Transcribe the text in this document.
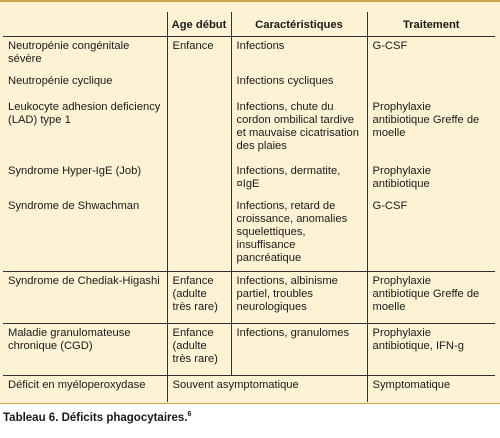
	Age début	Caractéristiques	Traitement
Neutropénie congénitale sévère	Enfance	Infections	G-CSF
Neutropénie cyclique		Infections cycliques	
Leukocyte adhesion deficiency (LAD) type 1		Infections, chute du cordon ombilical tardive et mauvaise cicatrisation des plaies	Prophylaxie antibiotique Greffe de moelle
Syndrome Hyper-IgE (Job)		Infections, dermatite, ¤IgE	Prophylaxie antibiotique
Syndrome de Shwachman		Infections, retard de croissance, anomalies squelettiques, insuffisance pancréatique	G-CSF
Syndrome de Chediak-Higashi	Enfance (adulte très rare)	Infections, albinisme partiel, troubles neurologiques	Prophylaxie antibiotique Greffe de moelle
Maladie granulomateuse chronique (CGD)	Enfance (adulte très rare)	Infections, granulomes	Prophylaxie antibiotique, IFN-g
Déficit en myéloperoxydase	Souvent asymptomatique		Symptomatique
Tableau 6. Déficits phagocytaires.$^6$
